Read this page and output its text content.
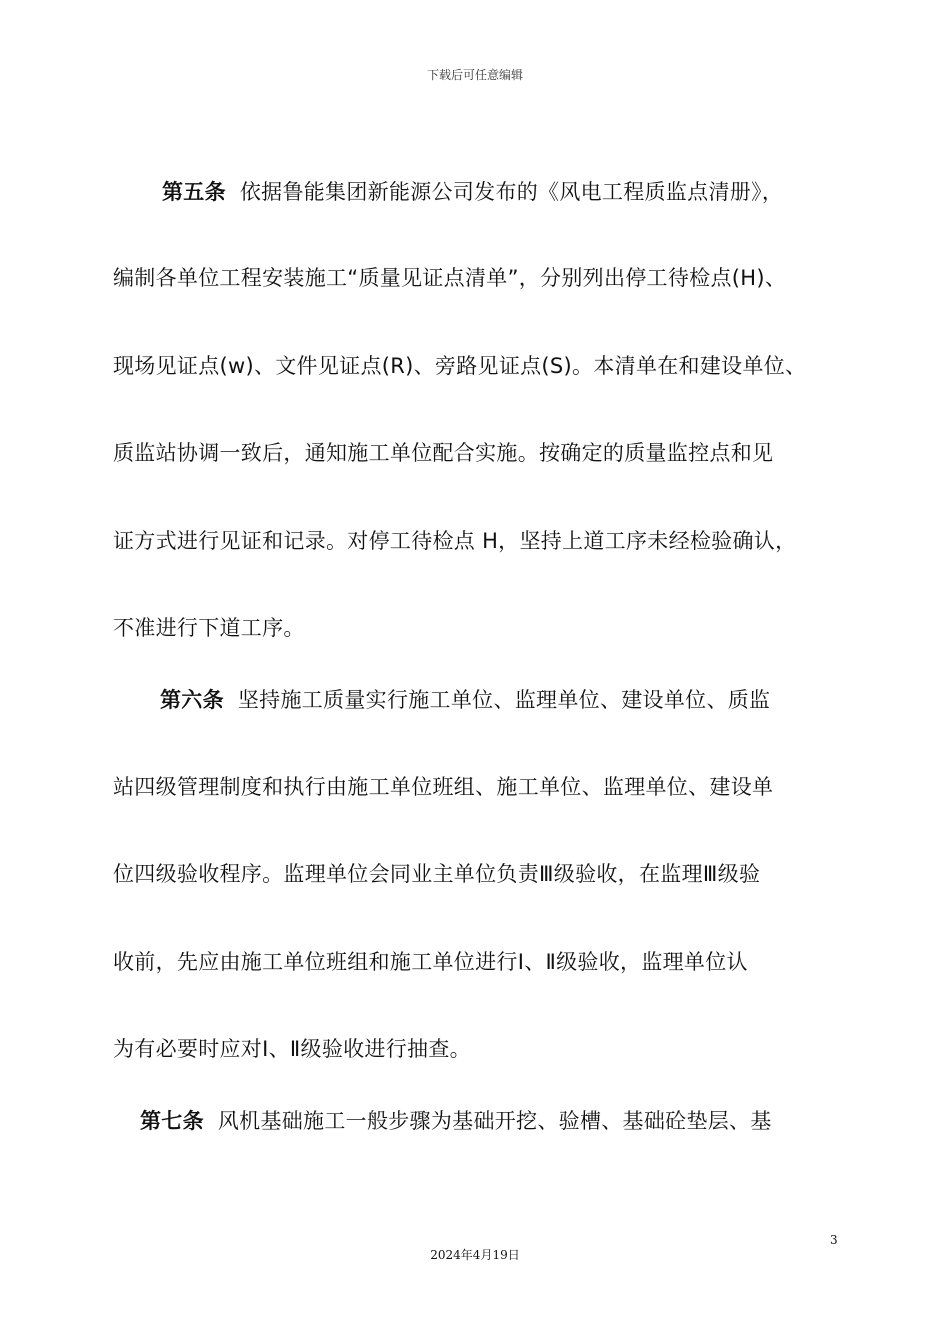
下载后可任意编辑
第五条 依据鲁能集团新能源公司发布的《风电工程质监点清册》，
编制各单位工程安装施工“质量见证点清单”，分别列出停工待检点(H)、
现场见证点(w)、文件见证点(R)、旁路见证点(S)。本清单在和建设单位、
质监站协调一致后，通知施工单位配合实施。按确定的质量监控点和见
证方式进行见证和记录。对停工待检点 H，坚持上道工序未经检验确认，
不准进行下道工序。
第六条 坚持施工质量实行施工单位、监理单位、建设单位、质监
站四级管理制度和执行由施工单位班组、施工单位、监理单位、建设单
位四级验收程序。监理单位会同业主单位负责Ⅲ级验收，在监理Ⅲ级验
收前，先应由施工单位班组和施工单位进行Ⅰ、Ⅱ级验收，监理单位认
为有必要时应对Ⅰ、Ⅱ级验收进行抽查。
第七条 风机基础施工一般步骤为基础开挖、验槽、基础砼垫层、基
3
2024年4月19日
